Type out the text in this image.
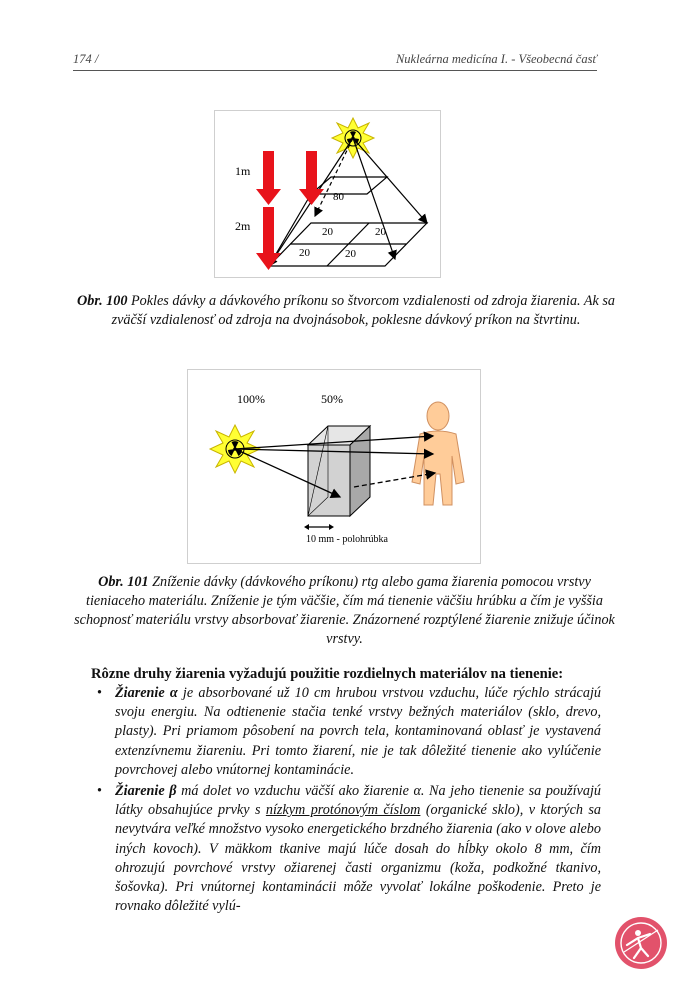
174 /	Nukleárna medicína I. - Všeobecná časť
1m
2m
80
20	20
20	20
Obr. 100 Pokles dávky a dávkového príkonu so štvorcom vzdialenosti od zdroja žiarenia. Ak sa zväčší vzdialenosť od zdroja na dvojnásobok, poklesne dávkový príkon na štvrtinu.
100%	50%
10 mm - polohrúbka
Obr. 101 Zníženie dávky (dávkového príkonu) rtg alebo gama žiarenia pomocou vrstvy tieniaceho materiálu. Zníženie je tým väčšie, čím má tienenie väčšiu hrúbku a čím je vyššia schopnosť materiálu vrstvy absorbovať žiarenie. Znázornené rozptýlené žiarenie znižuje účinok vrstvy.
Rôzne druhy žiarenia vyžadujú použitie rozdielnych materiálov na tienenie:
• Žiarenie α je absorbované už 10 cm hrubou vrstvou vzduchu, lúče rýchlo strácajú svoju energiu. Na odtienenie stačia tenké vrstvy bežných materiálov (sklo, drevo, plasty). Pri priamom pôsobení na povrch tela, kontaminovaná oblasť je vystavená extenzívnemu žiareniu. Pri tomto žiarení, nie je tak dôležité tienenie ako vylúčenie povrchovej alebo vnútornej kontaminácie.
• Žiarenie β má dolet vo vzduchu väčší ako žiarenie α. Na jeho tienenie sa používajú látky obsahujúce prvky s nízkym protónovým číslom (organické sklo), v ktorých sa nevytvára veľké množstvo vysoko energetického brzdného žiarenia (ako v olove alebo iných kovoch). V mäkkom tkanive majú lúče dosah do hĺbky okolo 8 mm, čím ohrozujú povrchové vrstvy ožiarenej časti organizmu (koža, podkožné tkanivo, šošovka). Pri vnútornej kontaminácii môže vyvolať lokálne poškodenie. Preto je rovnako dôležité vylú-
